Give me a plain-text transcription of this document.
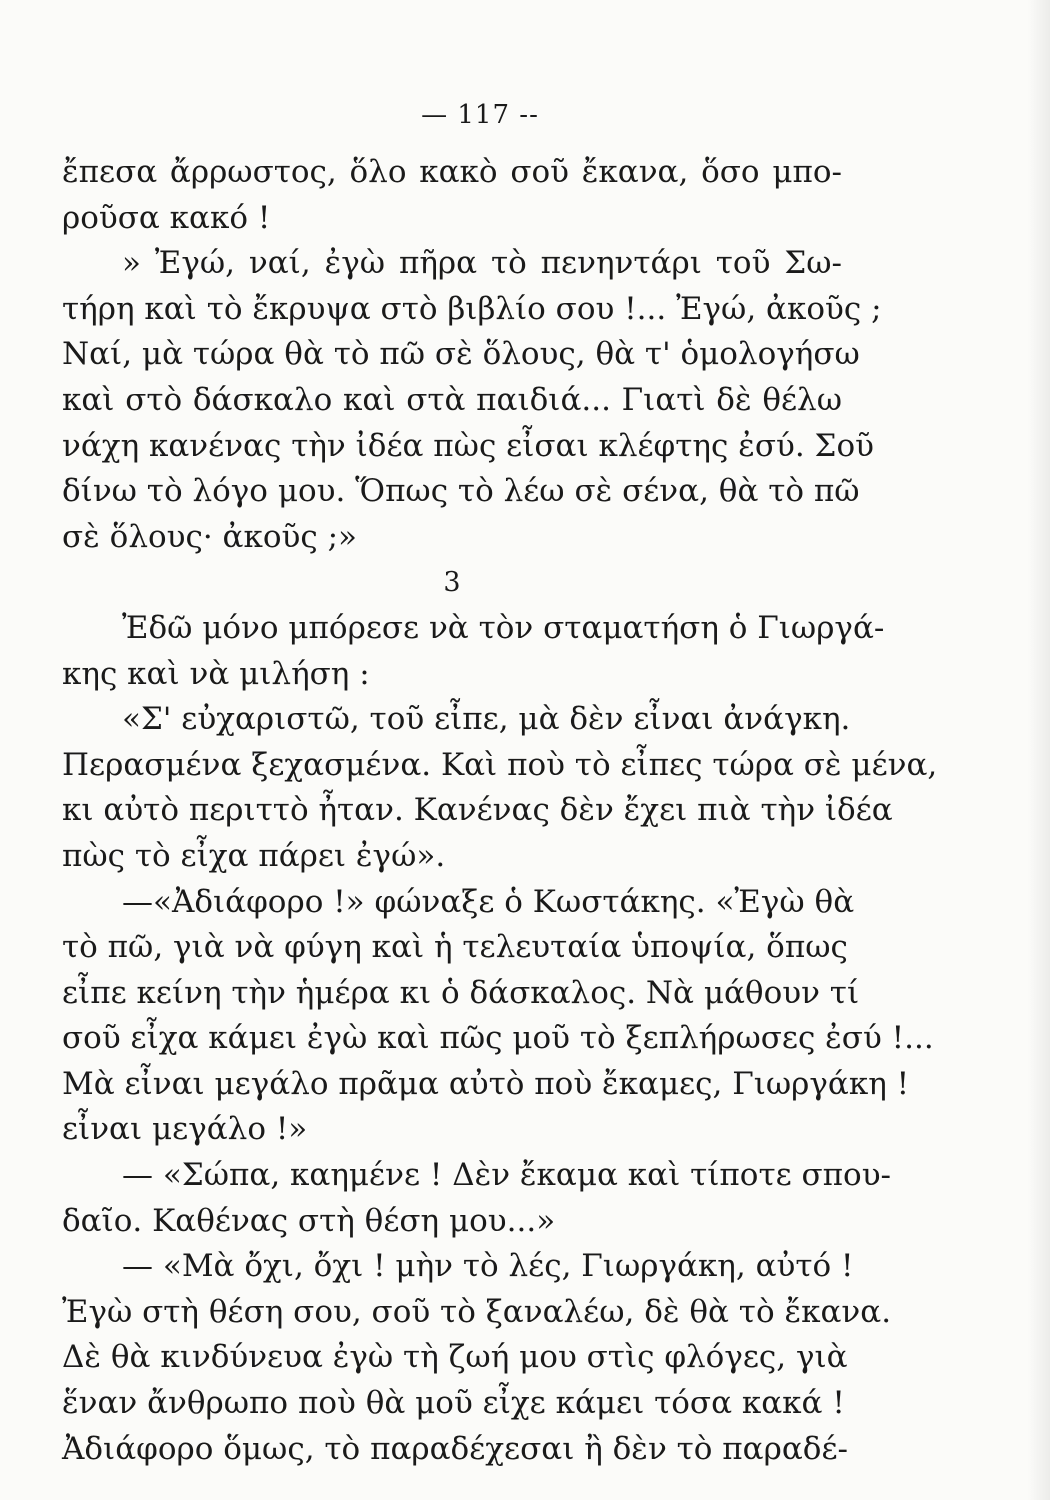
— 117 --
ἔπεσα ἄρρωστος, ὅλο κακὸ σοῦ ἔκανα, ὅσο μπο-
ροῦσα κακό !
» Ἐγώ, ναί, ἐγὼ πῆρα τὸ πενηντάρι τοῦ Σω-
τήρη καὶ τὸ ἔκρυψα στὸ βιβλίο σου !... Ἐγώ, ἀκοῦς ;
Ναί, μὰ τώρα θὰ τὸ πῶ σὲ ὅλους, θὰ τ' ὁμολογήσω
καὶ στὸ δάσκαλο καὶ στὰ παιδιά... Γιατὶ δὲ θέλω
νάχη κανένας τὴν ἰδέα πὼς εἶσαι κλέφτης ἐσύ. Σοῦ
δίνω τὸ λόγο μου. Ὅπως τὸ λέω σὲ σένα, θὰ τὸ πῶ
σὲ ὅλους· ἀκοῦς ;»
3
Ἐδῶ μόνο μπόρεσε νὰ τὸν σταματήση ὁ Γιωργά-
κης καὶ νὰ μιλήση :
«Σ' εὐχαριστῶ, τοῦ εἶπε, μὰ δὲν εἶναι ἀνάγκη.
Περασμένα ξεχασμένα. Καὶ ποὺ τὸ εἶπες τώρα σὲ μένα,
κι αὐτὸ περιττὸ ἦταν. Κανένας δὲν ἔχει πιὰ τὴν ἰδέα
πὼς τὸ εἶχα πάρει ἐγώ».
—«Ἀδιάφορο !» φώναξε ὁ Κωστάκης. «Ἐγὼ θὰ
τὸ πῶ, γιὰ νὰ φύγη καὶ ἡ τελευταία ὑποψία, ὅπως
εἶπε κείνη τὴν ἡμέρα κι ὁ δάσκαλος. Νὰ μάθουν τί
σοῦ εἶχα κάμει ἐγὼ καὶ πῶς μοῦ τὸ ξεπλήρωσες ἐσύ !...
Μὰ εἶναι μεγάλο πρᾶμα αὐτὸ ποὺ ἔκαμες, Γιωργάκη !
εἶναι μεγάλο !»
— «Σώπα, καημένε ! Δὲν ἔκαμα καὶ τίποτε σπου-
δαῖο. Καθένας στὴ θέση μου...»
— «Μὰ ὄχι, ὄχι ! μὴν τὸ λές, Γιωργάκη, αὐτό !
Ἐγὼ στὴ θέση σου, σοῦ τὸ ξαναλέω, δὲ θὰ τὸ ἔκανα.
Δὲ θὰ κινδύνευα ἐγὼ τὴ ζωή μου στὶς φλόγες, γιὰ
ἕναν ἄνθρωπο ποὺ θὰ μοῦ εἶχε κάμει τόσα κακά !
Ἀδιάφορο ὅμως, τὸ παραδέχεσαι ἢ δὲν τὸ παραδέ-
